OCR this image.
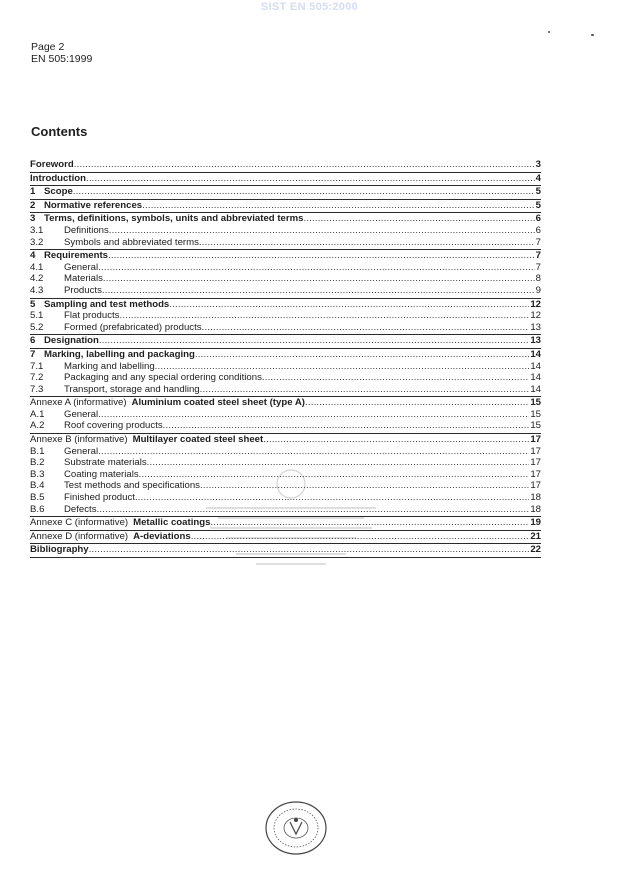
SIST EN 505:2000
Page 2
EN 505:1999
Contents
Foreword .....	3
Introduction .....	4
1 Scope .....	5
2 Normative references .....	5
3 Terms, definitions, symbols, units and abbreviated terms .....	6
3.1	Definitions .....	6
3.2	Symbols and abbreviated terms .....	7
4 Requirements .....	7
4.1	General .....	7
4.2	Materials .....	8
4.3	Products .....	9
5 Sampling and test methods .....	12
5.1	Flat products .....	12
5.2	Formed (prefabricated) products .....	13
6 Designation .....	13
7 Marking, labelling and packaging .....	14
7.1	Marking and labelling .....	14
7.2	Packaging and any special ordering conditions .....	14
7.3	Transport, storage and handling .....	14
Annexe A (informative) Aluminium coated steel sheet (type A) .....	15
A.1	General .....	15
A.2	Roof covering products .....	15
Annexe B (informative) Multilayer coated steel sheet .....	17
B.1	General .....	17
B.2	Substrate materials .....	17
B.3	Coating materials .....	17
B.4	Test methods and specifications .....	17
B.5	Finished product .....	18
B.6	Defects .....	18
Annexe C (informative) Metallic coatings .....	19
Annexe D (informative) A-deviations .....	21
Bibliography .....	22
